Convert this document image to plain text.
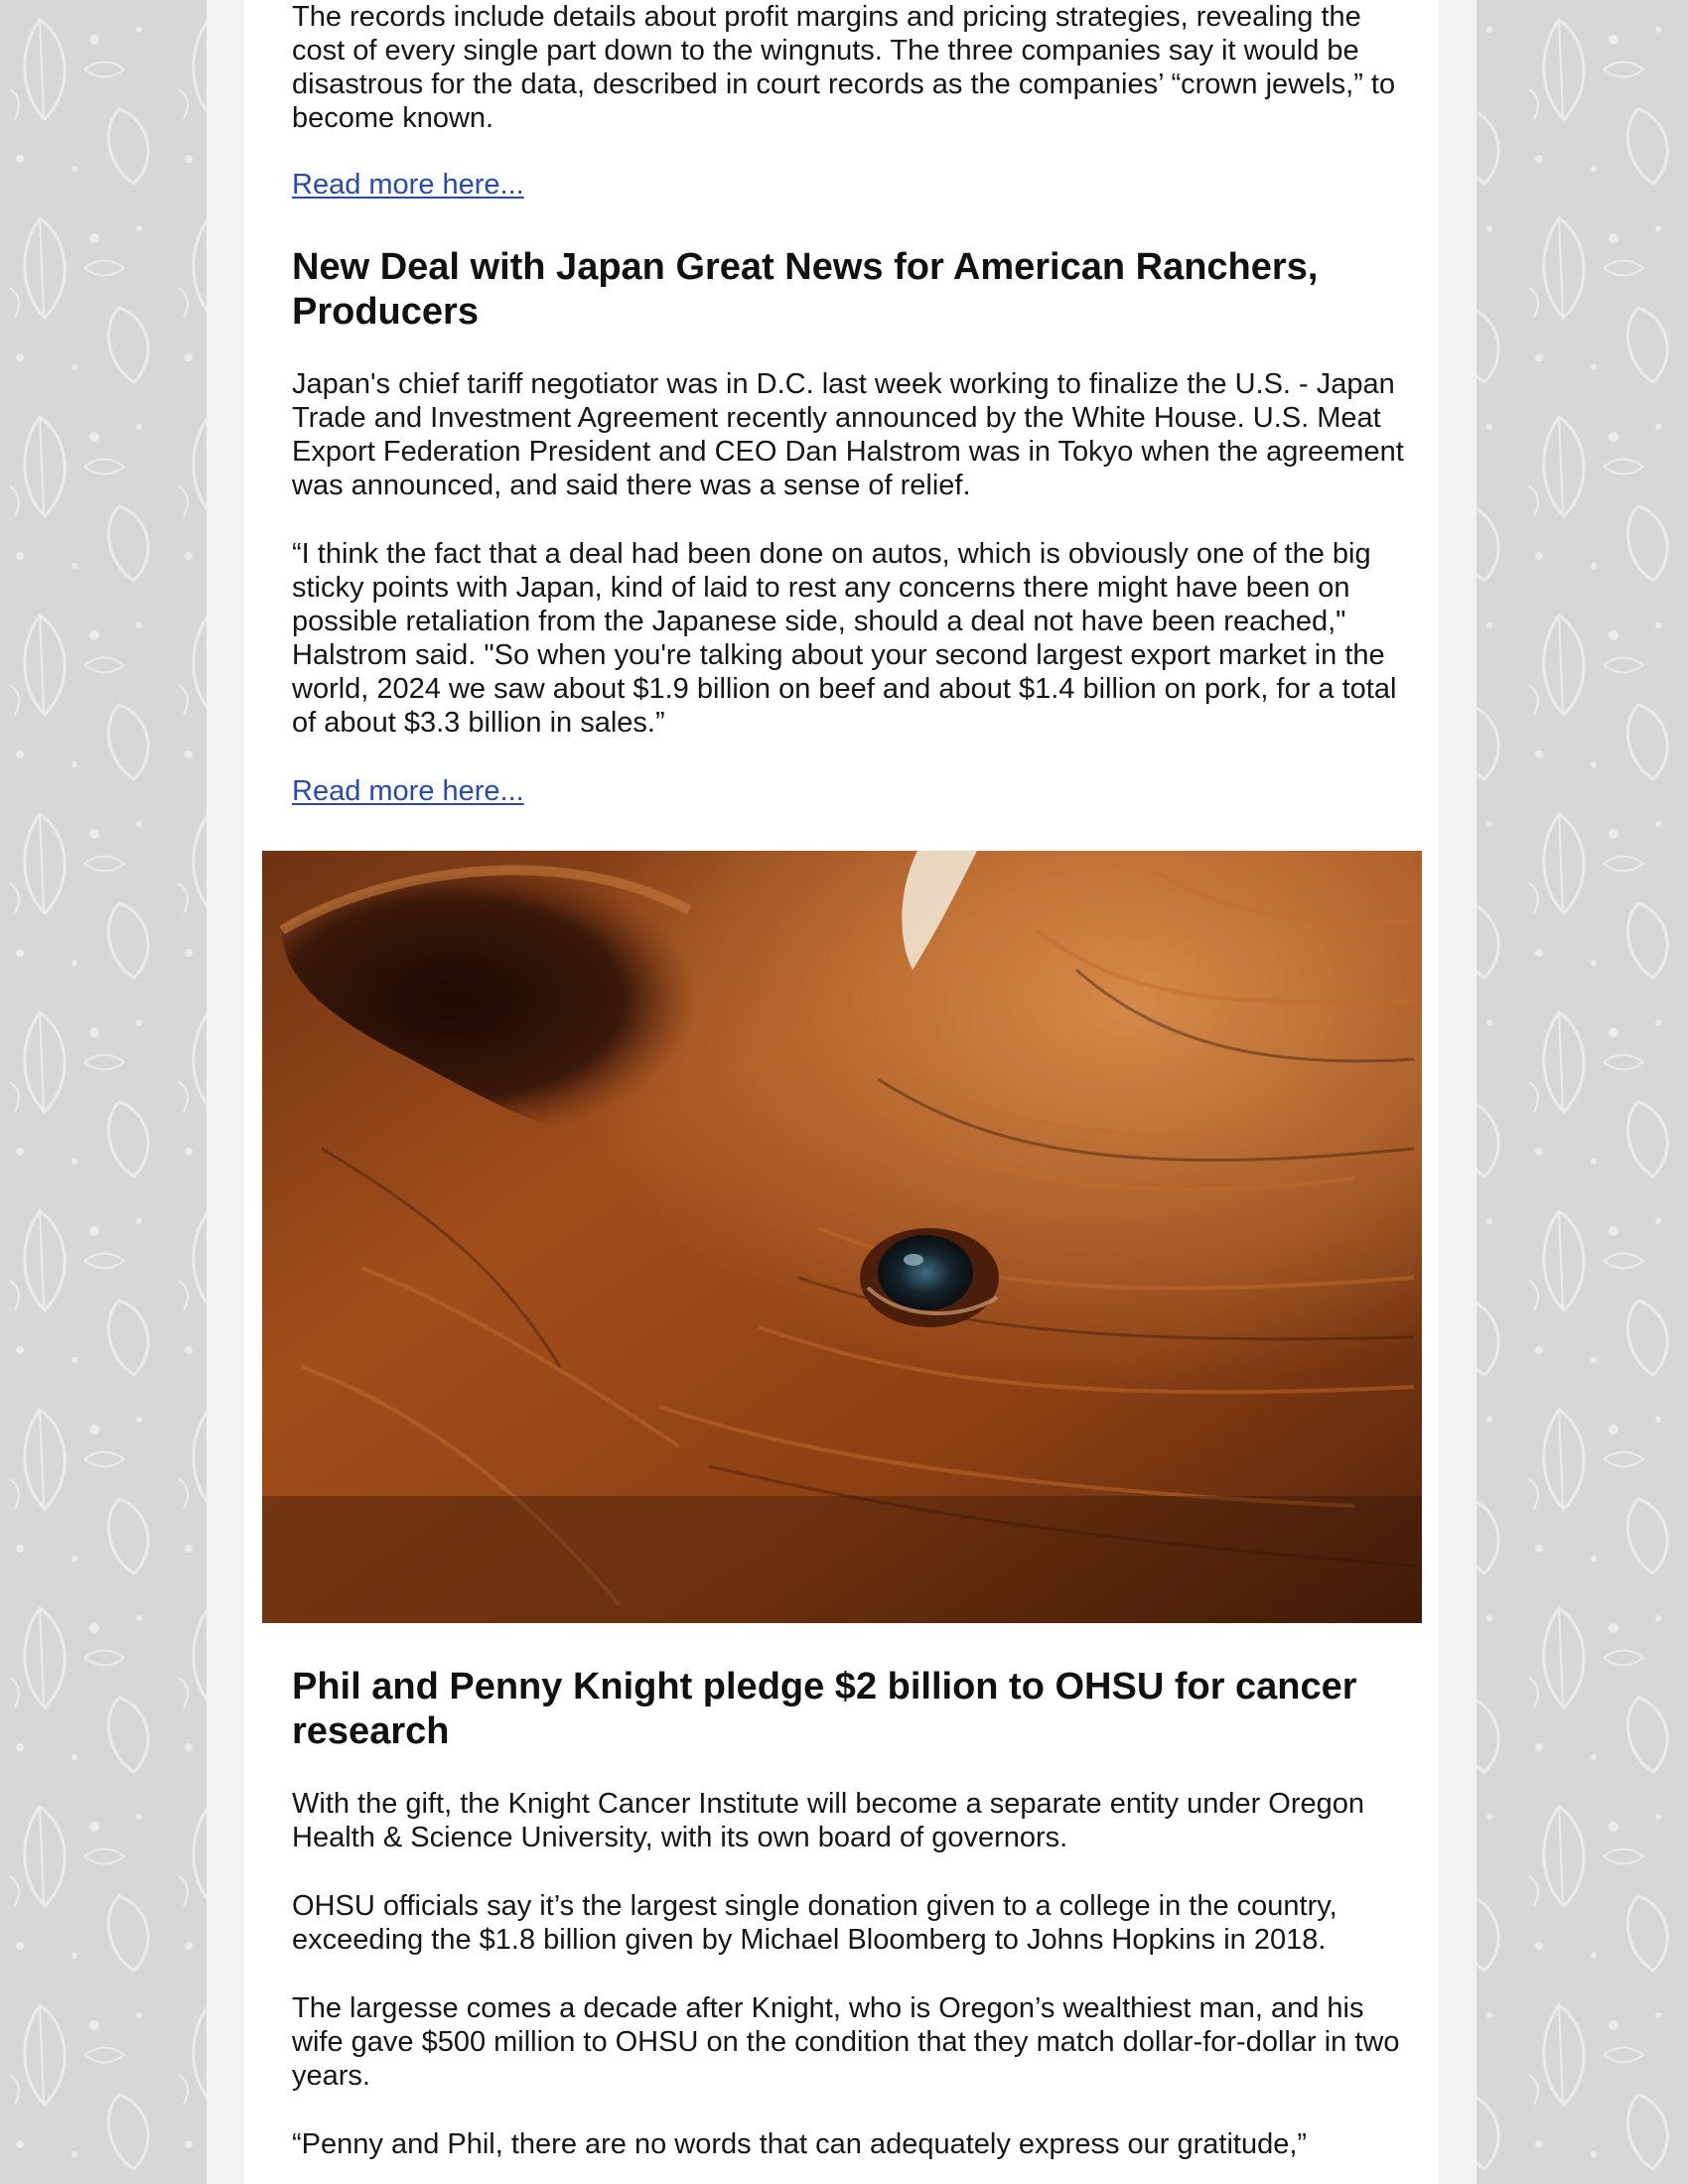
The records include details about profit margins and pricing strategies, revealing the cost of every single part down to the wingnuts. The three companies say it would be disastrous for the data, described in court records as the companies’ “crown jewels,” to become known.

Read more here...
New Deal with Japan Great News for American Ranchers, Producers

Japan's chief tariff negotiator was in D.C. last week working to finalize the U.S. - Japan Trade and Investment Agreement recently announced by the White House. U.S. Meat Export Federation President and CEO Dan Halstrom was in Tokyo when the agreement was announced, and said there was a sense of relief.

“I think the fact that a deal had been done on autos, which is obviously one of the big sticky points with Japan, kind of laid to rest any concerns there might have been on possible retaliation from the Japanese side, should a deal not have been reached," Halstrom said. "So when you're talking about your second largest export market in the world, 2024 we saw about $1.9 billion on beef and about $1.4 billion on pork, for a total of about $3.3 billion in sales.”

Read more here...
Phil and Penny Knight pledge $2 billion to OHSU for cancer research

With the gift, the Knight Cancer Institute will become a separate entity under Oregon Health & Science University, with its own board of governors.

OHSU officials say it’s the largest single donation given to a college in the country, exceeding the $1.8 billion given by Michael Bloomberg to Johns Hopkins in 2018.

The largesse comes a decade after Knight, who is Oregon’s wealthiest man, and his wife gave $500 million to OHSU on the condition that they match dollar-for-dollar in two years.

“Penny and Phil, there are no words that can adequately express our gratitude,”
